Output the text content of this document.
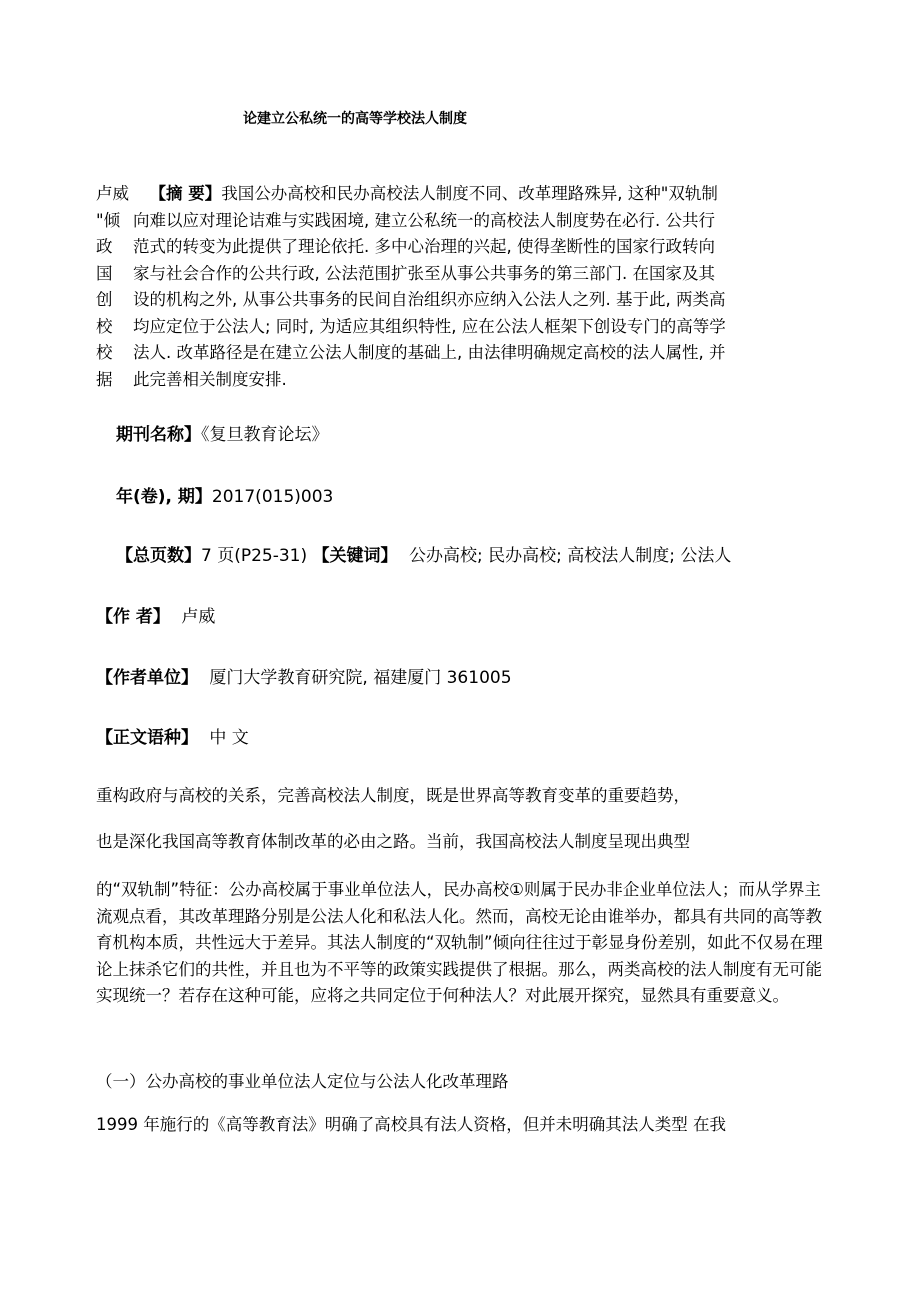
论建立公私统一的高等学校法人制度
卢威 【摘 要】我国公办高校和民办高校法人制度不同、改革理路殊异, 这种"双轨制
"倾 向难以应对理论诘难与实践困境, 建立公私统一的高校法人制度势在必行. 公共行
政 范式的转变为此提供了理论依托. 多中心治理的兴起, 使得垄断性的国家行政转向
国 家与社会合作的公共行政, 公法范围扩张至从事公共事务的第三部门. 在国家及其
创 设的机构之外, 从事公共事务的民间自治组织亦应纳入公法人之列. 基于此, 两类高
校 均应定位于公法人; 同时, 为适应其组织特性, 应在公法人框架下创设专门的高等学
校 法人. 改革路径是在建立公法人制度的基础上, 由法律明确规定高校的法人属性, 并
据 此完善相关制度安排.
期刊名称】《复旦教育论坛》
年(卷), 期】2017(015)003
【总页数】7 页(P25-31) 【关键词】 公办高校; 民办高校; 高校法人制度; 公法人
【作 者】 卢威
【作者单位】 厦门大学教育研究院, 福建厦门 361005
【正文语种】 中 文
重构政府与高校的关系，完善高校法人制度，既是世界高等教育变革的重要趋势，
也是深化我国高等教育体制改革的必由之路。当前，我国高校法人制度呈现出典型
的“双轨制”特征：公办高校属于事业单位法人，民办高校①则属于民办非企业单位法人；而从学界主流观点看，其改革理路分别是公法人化和私法人化。然而，高校无论由谁举办，都具有共同的高等教育机构本质，共性远大于差异。其法人制度的“双轨制”倾向往往过于彰显身份差别，如此不仅易在理论上抹杀它们的共性，并且也为不平等的政策实践提供了根据。那么，两类高校的法人制度有无可能实现统一？若存在这种可能，应将之共同定位于何种法人？对此展开探究，显然具有重要意义。
（一）公办高校的事业单位法人定位与公法人化改革理路
1999 年施行的《高等教育法》明确了高校具有法人资格，但并未明确其法人类型 在我
